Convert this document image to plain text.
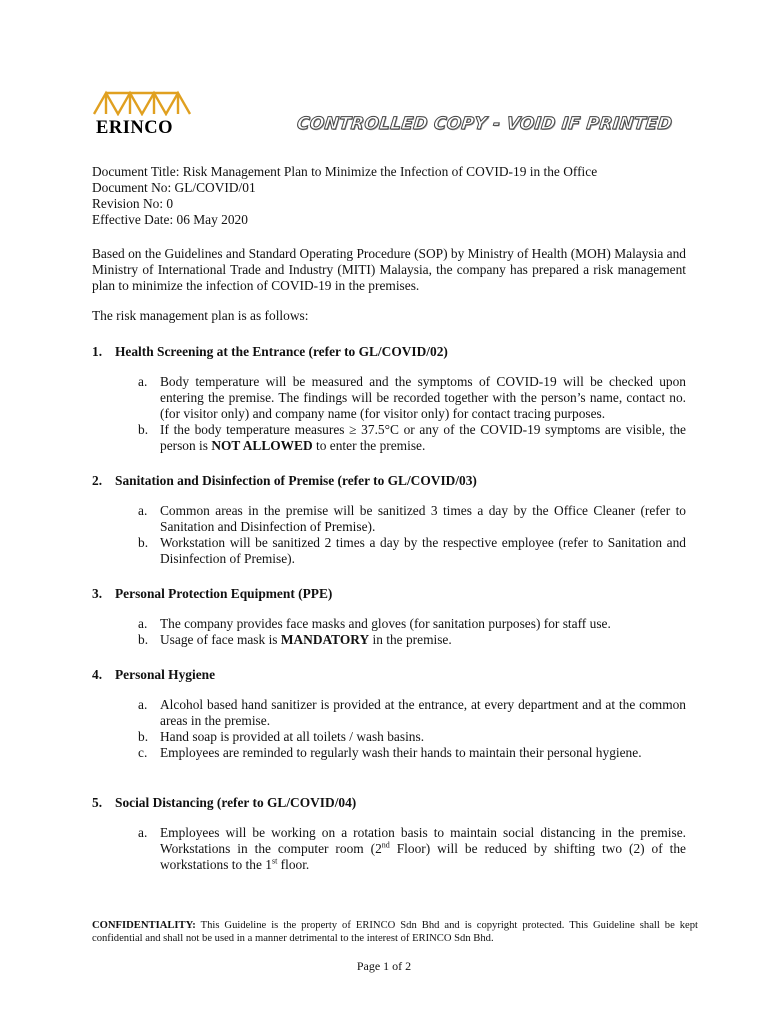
ERINCO	CONTROLLED COPY - VOID IF PRINTED

Document Title: Risk Management Plan to Minimize the Infection of COVID-19 in the Office

Document No: GL/COVID/01

Revision No: 0

Effective Date: 06 May 2020

Based on the Guidelines and Standard Operating Procedure (SOP) by Ministry of Health (MOH) Malaysia and Ministry of International Trade and Industry (MITI) Malaysia, the company has prepared a risk management plan to minimize the infection of COVID-19 in the premises.

The risk management plan is as follows:

1. Health Screening at the Entrance (refer to GL/COVID/02)
a. Body temperature will be measured and the symptoms of COVID-19 will be checked upon entering the premise. The findings will be recorded together with the person’s name, contact no. (for visitor only) and company name (for visitor only) for contact tracing purposes.
b. If the body temperature measures ≥ 37.5°C or any of the COVID-19 symptoms are visible, the person is NOT ALLOWED to enter the premise.
2. Sanitation and Disinfection of Premise (refer to GL/COVID/03)
a. Common areas in the premise will be sanitized 3 times a day by the Office Cleaner (refer to Sanitation and Disinfection of Premise).
b. Workstation will be sanitized 2 times a day by the respective employee (refer to Sanitation and Disinfection of Premise).
3. Personal Protection Equipment (PPE)
a. The company provides face masks and gloves (for sanitation purposes) for staff use.
b. Usage of face mask is MANDATORY in the premise.
4. Personal Hygiene
a. Alcohol based hand sanitizer is provided at the entrance, at every department and at the common areas in the premise.
b. Hand soap is provided at all toilets / wash basins.
c. Employees are reminded to regularly wash their hands to maintain their personal hygiene.
5. Social Distancing (refer to GL/COVID/04)
a. Employees will be working on a rotation basis to maintain social distancing in the premise. Workstations in the computer room (2nd Floor) will be reduced by shifting two (2) of the workstations to the 1st floor.
CONFIDENTIALITY: This Guideline is the property of ERINCO Sdn Bhd and is copyright protected. This Guideline shall be kept confidential and shall not be used in a manner detrimental to the interest of ERINCO Sdn Bhd.
Page 1 of 2
